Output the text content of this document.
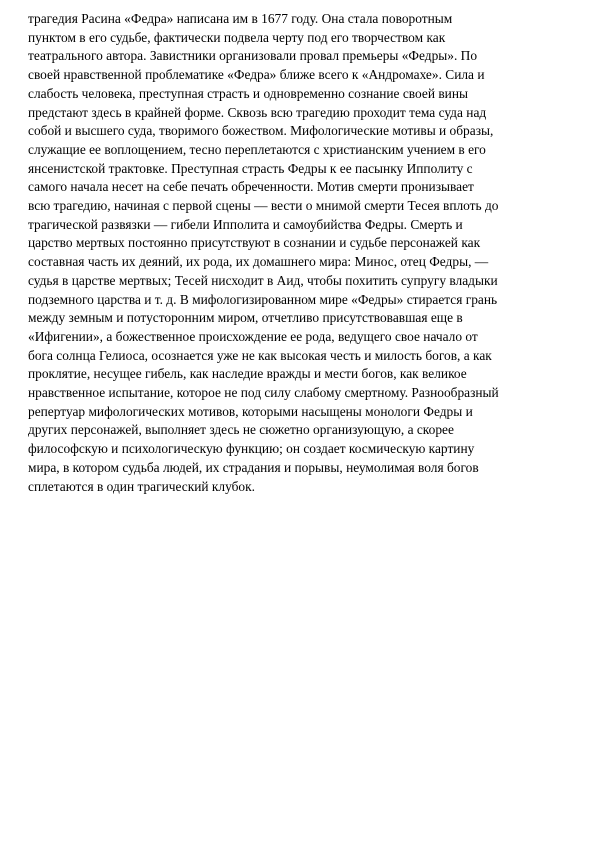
трагедия Расина «Федра» написана им в 1677 году. Она стала поворотным
пунктом в его судьбе, фактически подвела черту под его творчеством как
театрального автора. Завистники организовали провал премьеры «Федры». По
своей нравственной проблематике «Федра» ближе всего к «Андромахе». Сила и
слабость человека, преступная страсть и одновременно сознание своей вины
предстают здесь в крайней форме. Сквозь всю трагедию проходит тема суда над
собой и высшего суда, творимого божеством. Мифологические мотивы и образы,
служащие ее воплощением, тесно переплетаются с христианским учением в его
янсенистской трактовке. Преступная страсть Федры к ее пасынку Ипполиту с
самого начала несет на себе печать обреченности. Мотив смерти пронизывает
всю трагедию, начиная с первой сцены — вести о мнимой смерти Тесея вплоть до
трагической развязки — гибели Ипполита и самоубийства Федры. Смерть и
царство мертвых постоянно присутствуют в сознании и судьбе персонажей как
составная часть их деяний, их рода, их домашнего мира: Минос, отец Федры, —
судья в царстве мертвых; Тесей нисходит в Аид, чтобы похитить супругу владыки
подземного царства и т. д. В мифологизированном мире «Федры» стирается грань
между земным и потусторонним миром, отчетливо присутствовавшая еще в
«Ифигении», а божественное происхождение ее рода, ведущего свое начало от
бога солнца Гелиоса, осознается уже не как высокая честь и милость богов, а как
проклятие, несущее гибель, как наследие вражды и мести богов, как великое
нравственное испытание, которое не под силу слабому смертному. Разнообразный
репертуар мифологических мотивов, которыми насыщены монологи Федры и
других персонажей, выполняет здесь не сюжетно организующую, а скорее
философскую и психологическую функцию; он создает космическую картину
мира, в котором судьба людей, их страдания и порывы, неумолимая воля богов
сплетаются в один трагический клубок.
